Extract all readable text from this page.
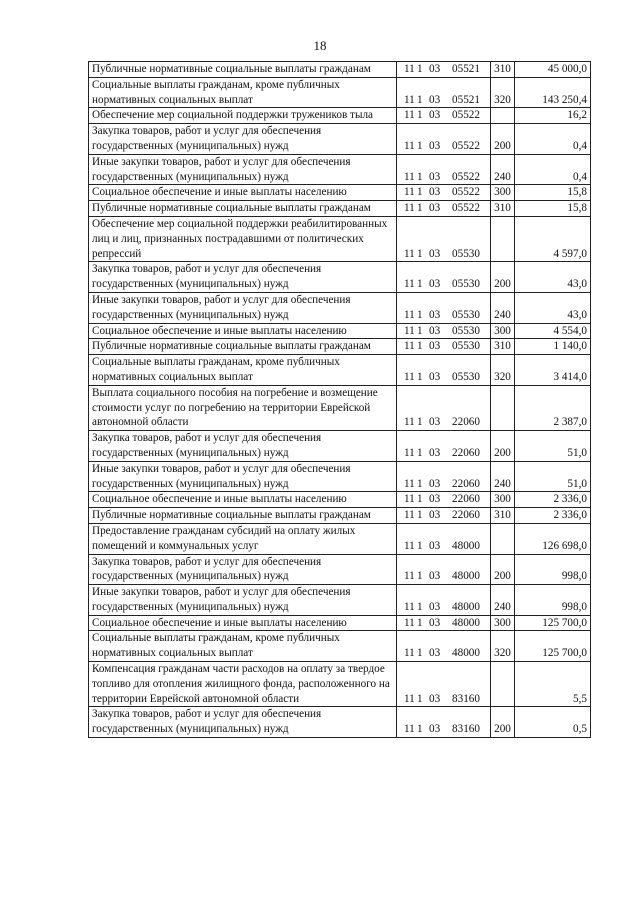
18
Публичные нормативные социальные выплаты гражданам	11 1 03 05521	310	45 000,0
Социальные выплаты гражданам, кроме публичных нормативных социальных выплат	11 1 03 05521	320	143 250,4
Обеспечение мер социальной поддержки тружеников тыла	11 1 03 05522		16,2
Закупка товаров, работ и услуг для обеспечения государственных (муниципальных) нужд	11 1 03 05522	200	0,4
Иные закупки товаров, работ и услуг для обеспечения государственных (муниципальных) нужд	11 1 03 05522	240	0,4
Социальное обеспечение и иные выплаты населению	11 1 03 05522	300	15,8
Публичные нормативные социальные выплаты гражданам	11 1 03 05522	310	15,8
Обеспечение мер социальной поддержки реабилитированных лиц и лиц, признанных пострадавшими от политических репрессий	11 1 03 05530		4 597,0
Закупка товаров, работ и услуг для обеспечения государственных (муниципальных) нужд	11 1 03 05530	200	43,0
Иные закупки товаров, работ и услуг для обеспечения государственных (муниципальных) нужд	11 1 03 05530	240	43,0
Социальное обеспечение и иные выплаты населению	11 1 03 05530	300	4 554,0
Публичные нормативные социальные выплаты гражданам	11 1 03 05530	310	1 140,0
Социальные выплаты гражданам, кроме публичных нормативных социальных выплат	11 1 03 05530	320	3 414,0
Выплата социального пособия на погребение и возмещение стоимости услуг по погребению на территории Еврейской автономной области	11 1 03 22060		2 387,0
Закупка товаров, работ и услуг для обеспечения государственных (муниципальных) нужд	11 1 03 22060	200	51,0
Иные закупки товаров, работ и услуг для обеспечения государственных (муниципальных) нужд	11 1 03 22060	240	51,0
Социальное обеспечение и иные выплаты населению	11 1 03 22060	300	2 336,0
Публичные нормативные социальные выплаты гражданам	11 1 03 22060	310	2 336,0
Предоставление гражданам субсидий на оплату жилых помещений и коммунальных услуг	11 1 03 48000		126 698,0
Закупка товаров, работ и услуг для обеспечения государственных (муниципальных) нужд	11 1 03 48000	200	998,0
Иные закупки товаров, работ и услуг для обеспечения государственных (муниципальных) нужд	11 1 03 48000	240	998,0
Социальное обеспечение и иные выплаты населению	11 1 03 48000	300	125 700,0
Социальные выплаты гражданам, кроме публичных нормативных социальных выплат	11 1 03 48000	320	125 700,0
Компенсация гражданам части расходов на оплату за твердое топливо для отопления жилищного фонда, расположенного на территории Еврейской автономной области	11 1 03 83160		5,5
Закупка товаров, работ и услуг для обеспечения государственных (муниципальных) нужд	11 1 03 83160	200	0,5
